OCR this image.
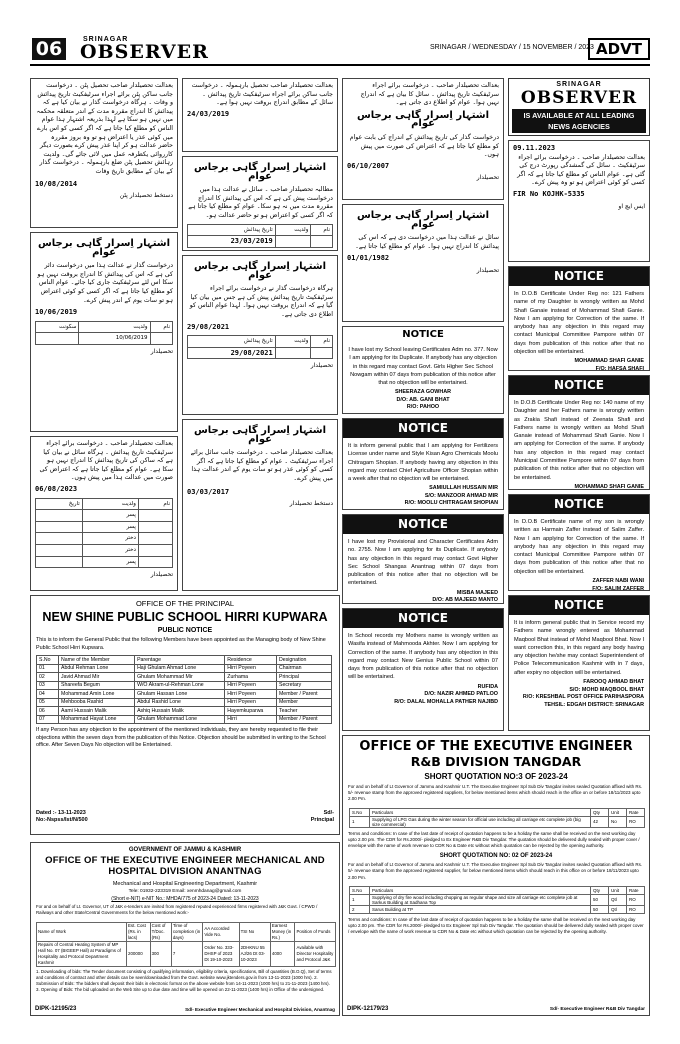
06	SRINAGAR
OBSERVER	SRINAGAR / WEDNESDAY / 15 NOVEMBER / 2023 ADVT
بعدالت تحصیلدار صاحب تحصیل پٹن ۔ درخواست جانب ساکن پٹن برائے اجراء سرٹیفکیٹ تاریخ پیدائش و وفات ۔ ہرگاہ درخواست گذار نے بیان کیا ہے کہ پیدائش کا اندراج مقررہ مدت کے اندر متعلقہ محکمہ میں نہیں ہو سکا ہے لہذا بذریعہ اشتہار ہذا عوام الناس کو مطلع کیا جاتا ہے کہ اگر کسی کو اس بارے میں کوئی عذر یا اعتراض ہو تو وہ بروز مقررہ حاضر عدالت ہو کر اپنا عذر پیش کرے بصورت دیگر کارروائی یکطرفہ عمل میں لائی جائے گی۔ ولدیت رہائش تحصیل پٹن ضلع بارہمولہ ۔ درخواست گذار کے بیان کے مطابق تاریخ وفات
10/08/2014
دستخط تحصیلدار پٹن
اشتہار اِسرار گاہی برجاس عوام
درخواست گذار نے عدالت ہذا میں درخواست دائر کی ہے کہ اس کی پیدائش کا اندراج بروقت نہیں ہو سکا اس لئے سرٹیفکیٹ جاری کیا جائے۔ عوام الناس کو مطلع کیا جاتا ہے کہ اگر کسی کو کوئی اعتراض ہو تو سات یوم کے اندر پیش کرے۔
10/06/2019
نام	ولدیت	سکونت
	10/06/2019	
تحصیلدار
بعدالت تحصیلدار صاحب ۔ درخواست برائے اجراء سرٹیفکیٹ تاریخ پیدائش ۔ ہرگاہ سائل نے بیان کیا ہے کہ ساکن کی تاریخ پیدائش کا اندراج نہیں ہو سکا ہے۔ عوام کو مطلع کیا جاتا ہے کہ اعتراض کی صورت میں عدالت ہذا میں پیش ہوں۔
06/08/2023
نام	ولدیت	تاریخ
	پسر	
	پسر	
	دختر	
	دختر	
	پسر	
تحصیلدار
بعدالت تحصیلدار صاحب تحصیل بارہمولہ ۔ درخواست جانب ساکن برائے اجراء سرٹیفکیٹ تاریخ پیدائش ۔ سائل کے مطابق اندراج بروقت نہیں ہوا ہے۔
24/03/2019
اشتہار اِسرار گاہی برجاس عوام
مطالبہ تحصیلدار صاحب ۔ سائل نے عدالت ہذا میں درخواست پیش کی ہے کہ اس کی پیدائش کا اندراج مقررہ مدت میں نہ ہو سکا۔ عوام کو مطلع کیا جاتا ہے کہ اگر کسی کو اعتراض ہو تو حاضر عدالت ہو۔
نام	ولدیت	تاریخ پیدائش
		23/03/2019
اشتہار اِسرار گاہی برجاس عوام
ہرگاہ درخواست گذار نے درخواست برائے اجراء سرٹیفکیٹ تاریخ پیدائش پیش کی ہے جس میں بیان کیا گیا ہے کہ اندراج بروقت نہیں ہوا۔ لہذا عوام الناس کو اطلاع دی جاتی ہے۔
29/08/2021
نام	ولدیت	تاریخ پیدائش
		29/08/2021
تحصیلدار
اشتہار اِسرار گاہی برجاس عوام
بعدالت تحصیلدار صاحب ۔ درخواست جانب سائل برائے اجراء سرٹیفکیٹ ۔ عوام کو مطلع کیا جاتا ہے کہ اگر کسی کو کوئی عذر ہو تو سات یوم کے اندر عدالت ہذا میں پیش کرے۔
03/03/2017
دستخط تحصیلدار
بعدالت تحصیلدار صاحب ۔ درخواست برائے اجراء سرٹیفکیٹ تاریخ پیدائش ۔ سائل کا بیان ہے کہ اندراج نہیں ہوا۔ عوام کو اطلاع دی جاتی ہے۔
اشتہار اِسرار گاہی برجاس عوام
درخواست گذار کی تاریخ پیدائش کے اندراج کی بابت عوام کو مطلع کیا جاتا ہے کہ اعتراض کی صورت میں پیش ہوں۔
06/10/2007
تحصیلدار
اشتہار اِسرار گاہی برجاس عوام
سائل نے عدالت ہذا میں درخواست دی ہے کہ اس کی پیدائش کا اندراج نہیں ہوا۔ عوام کو مطلع کیا جاتا ہے۔
01/01/1982
تحصیلدار
NOTICE
I have lost my School leaving Certificates Adm no. 377. Now I am applying for its Duplicate. If anybody has any objection in this regard may contact Govt. Girls Higher Sec School Nowgam within 07 days from publication of this notice after that no objection will be entertained.
SHEERAZA GOWHAR
D/O: AB. GANI BHAT
R/O: PAHOO
NOTICE
It is inform general public that I am applying for Fertilizers License under name and Style Kisan Agro Chemicals Moolu Chitragam Shopian. If anybody having any objection in this regard may contact Chief Agriculture Officer Shopian within a week after that no objection will be entertained.
SAMIULLAH HUSSAIN MIR
S/O: MANZOOR AHMAD MIR
R/O: MOOLU CHITRAGAM SHOPIAN
NOTICE
I have lost my Provisional and Character Certificates Adm no. 2755. Now I am applying for its Duplicate. If anybody has any objection in this regard may contact Govt Higher Sec School Shangas Anantnag within 07 days from publication of this notice after that no objection will be entertained.
MISBA MAJEED
D/O: AB MAJEED MANTO
NOTICE
In School records my Mothers name is wrongly written as Wasifa instead of Mahmooda Akhter. Now I am applying for Correction of the same. If anybody has any objection in this regard may contact New Genius Public School within 07 days from publication of this notice after that no objection will be entertained.
RUFIDA
D/O: NAZIR AHMED PATLOO
R/O: DALAL MOHALLA PATHER NAJIBD
SRINAGAR
OBSERVER
IS AVAILABLE AT ALL LEADING NEWS AGENCIES
09.11.2023
بعدالت تحصیلدار صاحب ۔ درخواست برائے اجراء سرٹیفکیٹ ۔ سائل کی گمشدگی رپورٹ درج کی گئی ہے۔ عوام الناس کو مطلع کیا جاتا ہے کہ اگر کسی کو کوئی اعتراض ہو تو وہ پیش کرے۔
FIR No KOJHK-5335
ایس ایچ او
NOTICE
In D.O.B Certificate Under Reg no: 121 Fathers name of my Daughter is wrongly written as Mohd Shafi Ganaie instead of Mohammad Shafi Ganie. Now I am applying for Correction of the same. If anybody has any objection in this regard may contact Municipal Committee Pampore within 07 days from publication of this notice after that no objection will be entertained.
MOHAMMAD SHAFI GANIE
F/O: HAFSA SHAFI
NOTICE
In D.O.B Certificate Under Reg no: 140 name of my Daughter and her Fathers name is wrongly written as Zrakia Shafi instead of Zeenata Shafi and Fathers name is wrongly written as Mohd Shafi Ganaie instead of Mohammad Shafi Ganie. Now I am applying for Correction of the same. If anybody has any objection in this regard may contact Municipal Committee Pampore within 07 days from publication of this notice after that no objection will be entertained.
MOHAMMAD SHAFI GANIE
NOTICE
In D.O.B Certificate name of my son is wrongly written as Harmain Zaffer instead of Salim Zaffer. Now I am applying for Correction of the same. If anybody has any objection in this regard may contact Municipal Committee Pampore within 07 days from publication of this notice after that no objection will be entertained.
ZAFFER NABI WANI
F/O: SALIM ZAFFER
NOTICE
It is inform general public that in Service record my Fathers name wrongly entered as Mohammad Maqbool Bhat instead of Mohd Maqbool Bhat. Now I want correction this, in this regard any body having any objection he/she may contact Superintendent of Police Telecommunication Kashmir with in 7 days, after expiry no objection will be entertained.
FAROOQ AHMAD BHAT
S/O: MOHD MAQBOOL BHAT
R/O: KRESHBAL POST OFFICE PARIHASPORA
TEHSIL: EDGAH DISTRICT: SRINAGAR
OFFICE OF THE PRINCIPAL
NEW SHINE PUBLIC SCHOOL HIRRI KUPWARA
PUBLIC NOTICE
This is to inform the General Public that the following Members have been appointed as the Managing body of New Shine Public School Hirri Kupwara.
S.No	Name of the Member	Parentage	Residence	Designation
01	Abdul Rehman Lone	Haji Ghulam Ahmad Lone	Hirri Poyeen	Chairman
02	Javid Ahmad Mir	Ghulam Mohammad Mir	Zurhama	Principal
03	Shareefa Begum	W/O Akram-ul-Rehman Lone	Hirri Poyeen	Secretary
04	Mohammad Amin Lone	Ghulam Hassan Lone	Hirri Poyeen	Member / Parent
05	Mehbooba Rashid	Abdul Rashid Lone	Hirri Poyeen	Member
06	Aami Hussain Malik	Ashiq Hussain Malik	Hayemkuparwa	Teacher
07	Mohammad Hayat Lone	Ghulam Mohammad Lone	Hirri	Member / Parent
If any Person has any objection to the appointment of the mentioned individuals, they are hereby requested to file their objections within the seven days from the publication of this Notice. Objection should be submitted in writing to the School office. After Seven Days No objection will be Entertained.
Dated :- 13-11-2023
No:-Nspss/Ist/N/500
Sd/-
Principal
GOVERNMENT OF JAMMU & KASHMIR
OFFICE OF THE EXECUTIVE ENGINEER MECHANICAL AND HOSPITAL DIVISION ANANTNAG
Mechanical and Hospital Engineering Department, Kashmir
Tele: 01932-223319 Email: xenmhdanag@gmail.com
(Short e-NIT) e-NIT No.: MHDA/775 of 2023-24 Dated: 13-11-2023
For and on behalf of Lt. Governor, UT of J&K e-tenders are invited from registered reputed experienced firms registered with J&K Govt. / CPWD / Railways and other State/Central Governments for the below mentioned work:-
Name of Work	Est. Cost (Rs. in lacs)	Cost of T/Doc. (Rs)	Time of completion (in days)	AA Accorded Vide No.	TSI No	Earnest Money (in Rs.)	Position of Funds
Repairs of Central Heating System of MP Hall No. 07 (BIGEEP Hall) at Paradigms of Hospitality and Protocol Department Kashmir	200000	300	7	Order No. 333-DHSP of 2023 Dt 19-10-2023	2DHKNU 55 AJ/26 Dt 03-10-2023	4000	Available with Director Hospitality and Protocol J&K
1. Downloading of bids: The Tender document consisting of qualifying information, eligibility criteria, specifications, Bill of quantities (B.O.Q), Set of terms and conditions of contract and other details can be seen/downloaded from the Govt. website www.jktenders.gov.in from 13-11-2023 (1000 hrs). 2. Submission of Bids: The bidders shall deposit their bids in electronic format on the above website from 14-11-2023 (1000 hrs) to 21-11-2023 (1400 hrs). 3. Opening of Bids: The bid uploaded on the Web Site up to due date and time will be opened on 22-11-2023 (1400 hrs) in Office of the undersigned.
DIPK-12195/23	Sd/- Executive Engineer Mechanical and Hospital Division, Anantnag
OFFICE OF THE EXECUTIVE ENGINEER
R&B DIVISION TANGDAR
SHORT QUOTATION NO:3 OF 2023-24

For and on behalf of Lt Governor of Jammu and Kashmir U.T. The Executive Engineer Spl Sub Div Tangdar invites sealed Quotation affixed with Rs. 5/- revenue stamp from the approved registered suppliers, for below mentioned items which should reach in the office on or before 18/11/2023 upto 2.00 Pm.

S.No	Particulars	Qty	Unit	Rate
1	Supplying of LPG Gas during the winter season for official use including all carriage etc complete job (big size commercial)	42	No	RO

Terms and conditions: In case of the last date of receipt of quotation happens to be a holiday the same shall be received on the next working day upto 2.00 pm. The CDR for Rs.2000/- pledged to Ex Engineer R&B Div Tangdar. The quotation should be delivered dully sealed with proper cover / envelope with the name of work revenue to CDR No & Date etc without which quotation can be rejected by the opening authority.

SHORT QUOTATION NO: 02 OF 2023-24

For and on behalf of Lt Governor of Jammu and Kashmir U.T. The Executive Engineer Spl Sub Div Tangdar invites sealed Quotation affixed with Rs. 5/- revenue stamp from the approved registered supplier, for below mentioned items which should reach in this office on or before 18/11/2023 upto 2.00 Pm.

S.No	Particulars	Qty	Unit	Rate
1	Supplying of dry fire wood including chopping as regular shape and size all carriage etc complete job at Sarkus Building at Sadhana Top	50	Qtl	RO
2	Sarus Building at TP	50	Qtl	RO

Terms and conditions: In case of the last date of receipt of quotation happens to be a holiday the same shall be received on the next working day upto 2.00 pm. The CDR for Rs.2000/- pledged to Ex Engineer Spl Sub Div Tangdar. The quotation should be delivered dully sealed with proper cover / envelope with the name of work revenue to CDR No & Date etc without which quotation can be rejected by the opening authority.

DIPK-12179/23	Sd/- Executive Engineer R&B Div Tangdar
